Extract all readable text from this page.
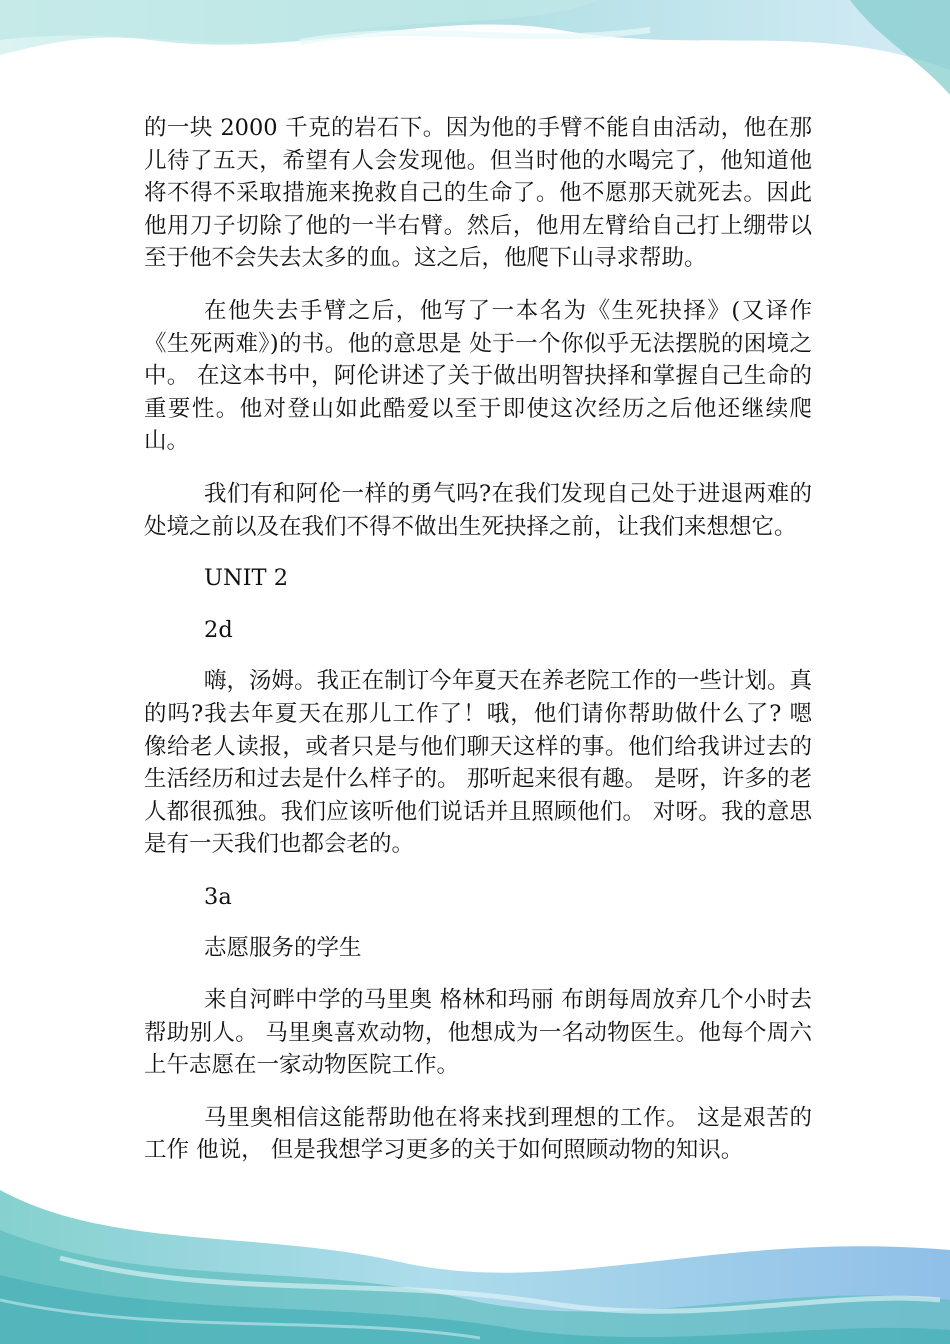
的一块 2000 千克的岩石下。因为他的手臂不能自由活动，他在那儿待了五天，希望有人会发现他。但当时他的水喝完了，他知道他将不得不采取措施来挽救自己的生命了。他不愿那天就死去。因此他用刀子切除了他的一半右臂。然后，他用左臂给自己打上绷带以至于他不会失去太多的血。这之后，他爬下山寻求帮助。

在他失去手臂之后，他写了一本名为《生死抉择》(又译作《生死两难》)的书。他的意思是 处于一个你似乎无法摆脱的困境之中。 在这本书中，阿伦讲述了关于做出明智抉择和掌握自己生命的重要性。他对登山如此酷爱以至于即使这次经历之后他还继续爬山。

我们有和阿伦一样的勇气吗?在我们发现自己处于进退两难的处境之前以及在我们不得不做出生死抉择之前，让我们来想想它。

UNIT 2

2d

嗨，汤姆。我正在制订今年夏天在养老院工作的一些计划。真的吗?我去年夏天在那儿工作了！哦，他们请你帮助做什么了? 嗯 像给老人读报，或者只是与他们聊天这样的事。他们给我讲过去的生活经历和过去是什么样子的。 那听起来很有趣。 是呀，许多的老人都很孤独。我们应该听他们说话并且照顾他们。 对呀。我的意思是有一天我们也都会老的。

3a

志愿服务的学生

来自河畔中学的马里奥 格林和玛丽 布朗每周放弃几个小时去帮助别人。 马里奥喜欢动物，他想成为一名动物医生。他每个周六上午志愿在一家动物医院工作。

马里奥相信这能帮助他在将来找到理想的工作。 这是艰苦的工作 他说， 但是我想学习更多的关于如何照顾动物的知识。
